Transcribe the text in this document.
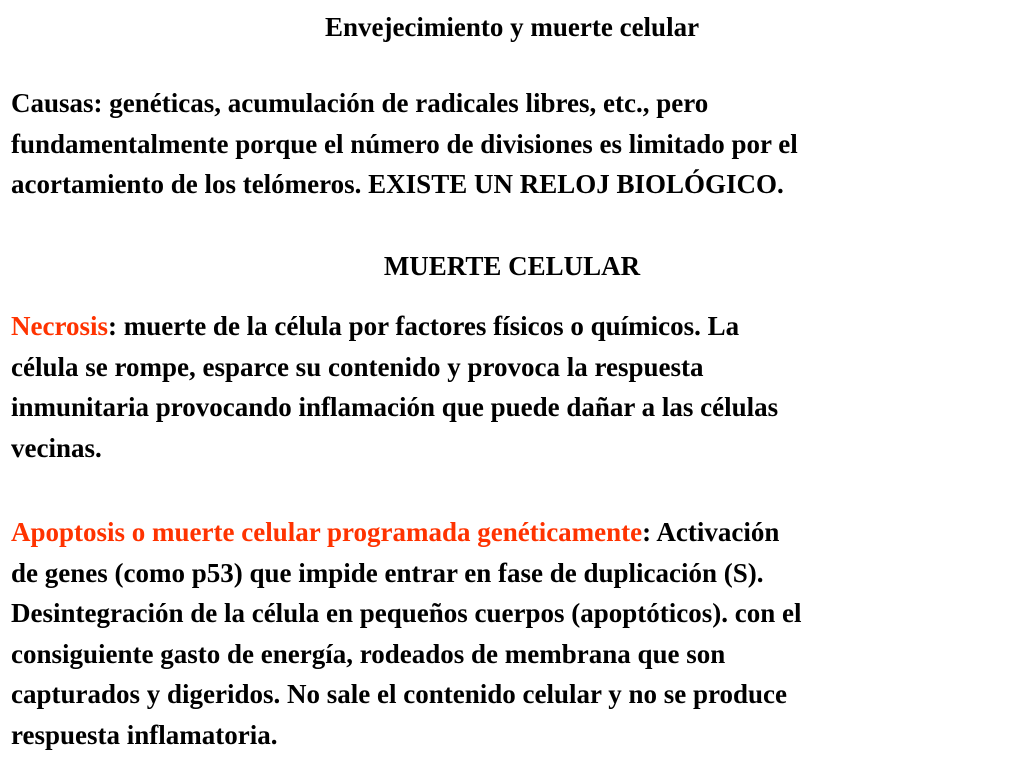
Envejecimiento y muerte celular

Causas: genéticas, acumulación de radicales libres, etc., pero
fundamentalmente porque el número de divisiones es limitado por el
acortamiento de los telómeros. EXISTE UN RELOJ BIOLÓGICO.

MUERTE CELULAR

Necrosis: muerte de la célula por factores físicos o químicos. La
célula se rompe, esparce su contenido y provoca la respuesta
inmunitaria provocando inflamación que puede dañar a las células
vecinas.

Apoptosis o muerte celular programada genéticamente: Activación
de genes (como p53) que impide entrar en fase de duplicación (S).
Desintegración de la célula en pequeños cuerpos (apoptóticos). con el
consiguiente gasto de energía, rodeados de membrana que son
capturados y digeridos. No sale el contenido celular y no se produce
respuesta inflamatoria.
